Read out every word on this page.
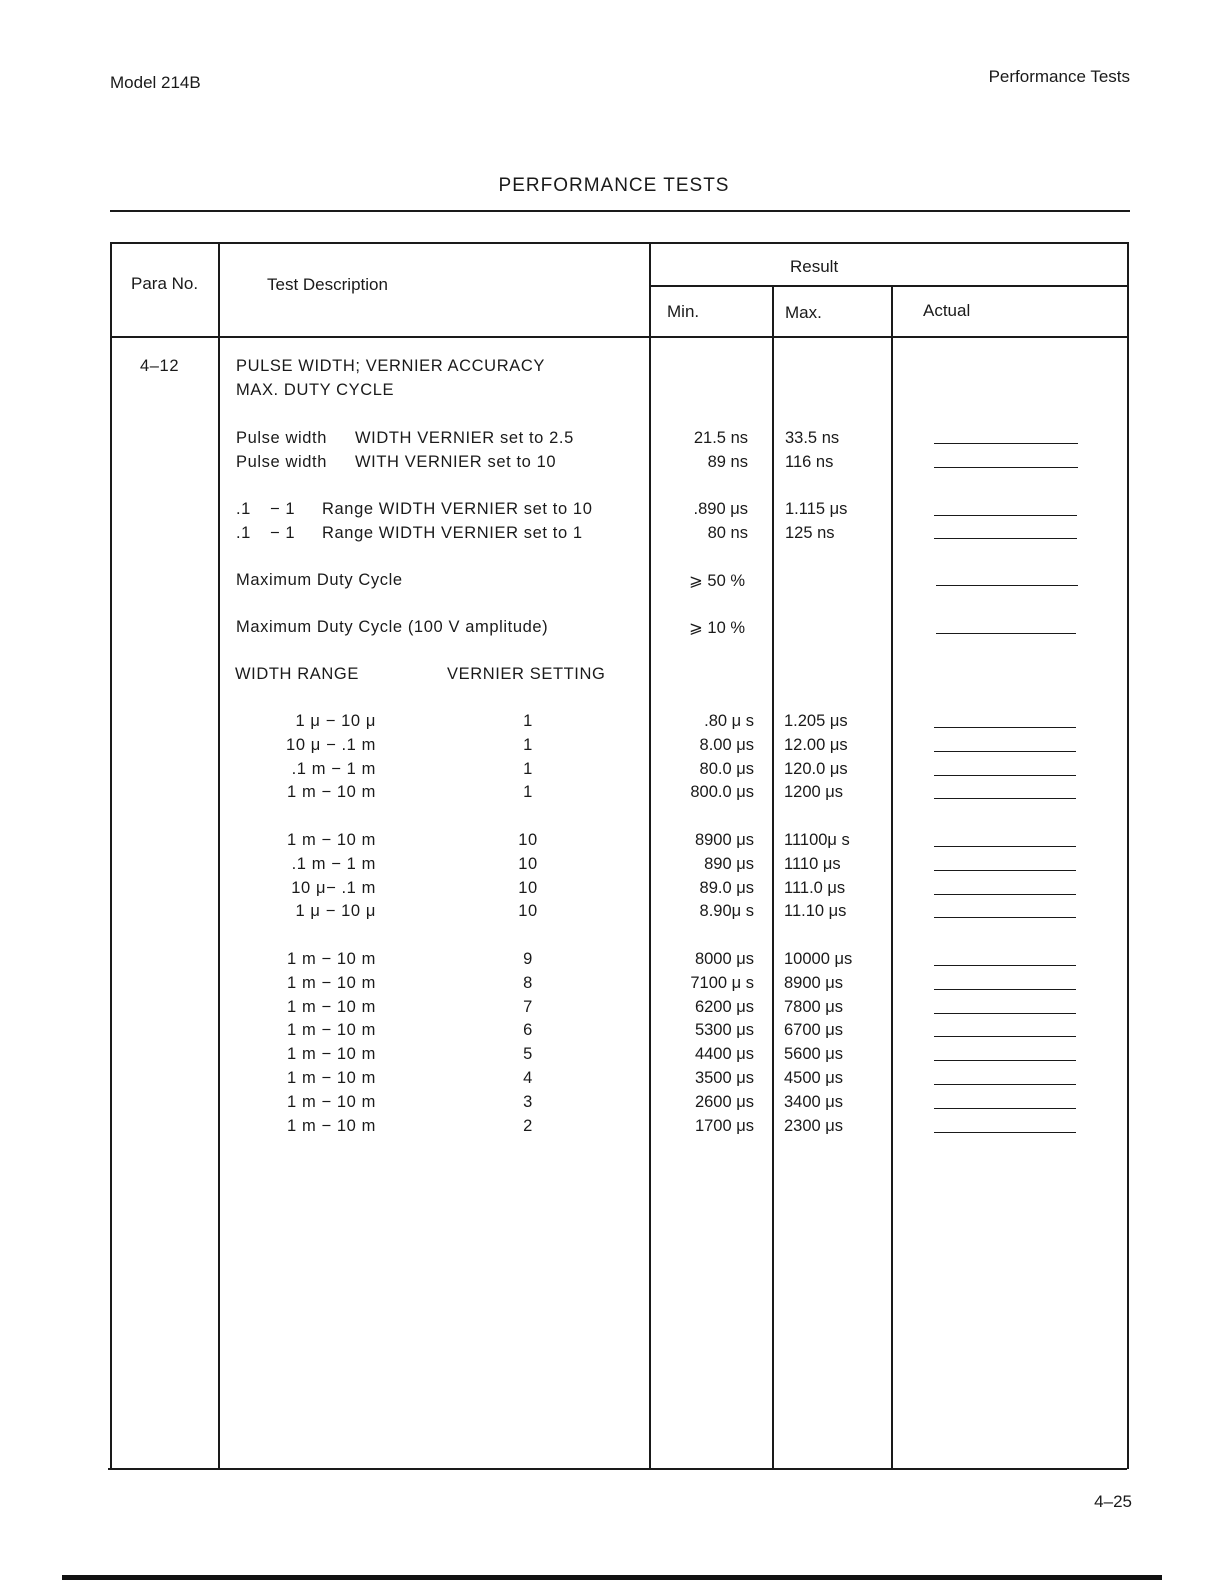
Model 214B	Performance Tests
PERFORMANCE TESTS
Para No.	Test Description
Result
Min.	Max.	Actual
4–12	PULSE WIDTH; VERNIER ACCURACY
MAX. DUTY CYCLE
Pulse width WIDTH VERNIER set to 2.5	21.5 ns 33.5 ns
Pulse width WITH VERNIER set to 10	89 ns 116 ns
.1 − 1 Range WIDTH VERNIER set to 10	.890 μs 1.115 μs
.1 − 1 Range WIDTH VERNIER set to 1	80 ns 125 ns
Maximum Duty Cycle	⩾ 50 %
Maximum Duty Cycle (100 V amplitude)	⩾ 10 %
WIDTH RANGE	VERNIER SETTING
1 μ − 10 μ	1	.80 μ s 1.205 μs
10 μ − .1 m	1	8.00 μs 12.00 μs
.1 m − 1 m	1	80.0 μs 120.0 μs
1 m − 10 m	1	800.0 μs 1200 μs
1 m − 10 m	10	8900 μs 11100μ s
.1 m − 1 m	10	890 μs 1110 μs
10 μ− .1 m	10	89.0 μs 111.0 μs
1 μ − 10 μ	10	8.90μ s 11.10 μs
1 m − 10 m	9	8000 μs 10000 μs
1 m − 10 m	8	7100 μ s 8900 μs
1 m − 10 m	7	6200 μs 7800 μs
1 m − 10 m	6	5300 μs 6700 μs
1 m − 10 m	5	4400 μs 5600 μs
1 m − 10 m	4	3500 μs 4500 μs
1 m − 10 m	3	2600 μs 3400 μs
1 m − 10 m	2	1700 μs 2300 μs
4–25
